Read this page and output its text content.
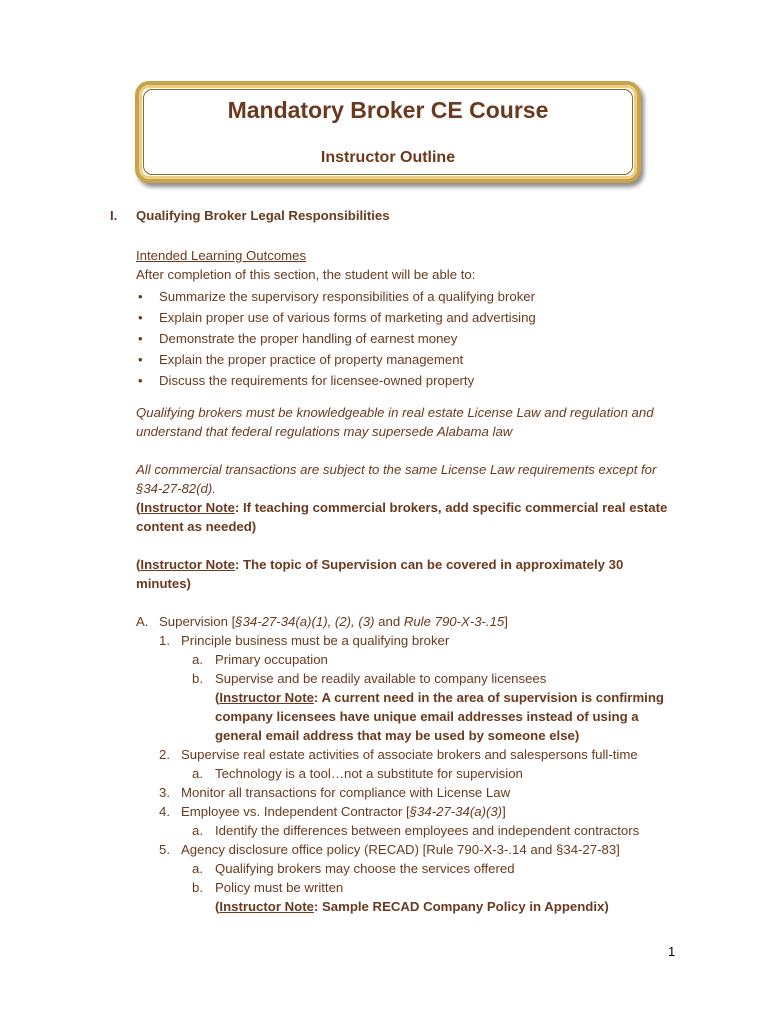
Mandatory Broker CE Course
Instructor Outline
I. Qualifying Broker Legal Responsibilities
Intended Learning Outcomes
After completion of this section, the student will be able to:
• Summarize the supervisory responsibilities of a qualifying broker
• Explain proper use of various forms of marketing and advertising
• Demonstrate the proper handling of earnest money
• Explain the proper practice of property management
• Discuss the requirements for licensee-owned property
Qualifying brokers must be knowledgeable in real estate License Law and regulation and
understand that federal regulations may supersede Alabama law
All commercial transactions are subject to the same License Law requirements except for
§34-27-82(d).
(Instructor Note: If teaching commercial brokers, add specific commercial real estate
content as needed)
(Instructor Note: The topic of Supervision can be covered in approximately 30
minutes)
A. Supervision [§34-27-34(a)(1), (2), (3) and Rule 790-X-3-.15]
1. Principle business must be a qualifying broker
a. Primary occupation
b. Supervise and be readily available to company licensees
(Instructor Note: A current need in the area of supervision is confirming
company licensees have unique email addresses instead of using a
general email address that may be used by someone else)
2. Supervise real estate activities of associate brokers and salespersons full-time
a. Technology is a tool…not a substitute for supervision
3. Monitor all transactions for compliance with License Law
4. Employee vs. Independent Contractor [§34-27-34(a)(3)]
a. Identify the differences between employees and independent contractors
5. Agency disclosure office policy (RECAD) [Rule 790-X-3-.14 and §34-27-83]
a. Qualifying brokers may choose the services offered
b. Policy must be written
(Instructor Note: Sample RECAD Company Policy in Appendix)
1
